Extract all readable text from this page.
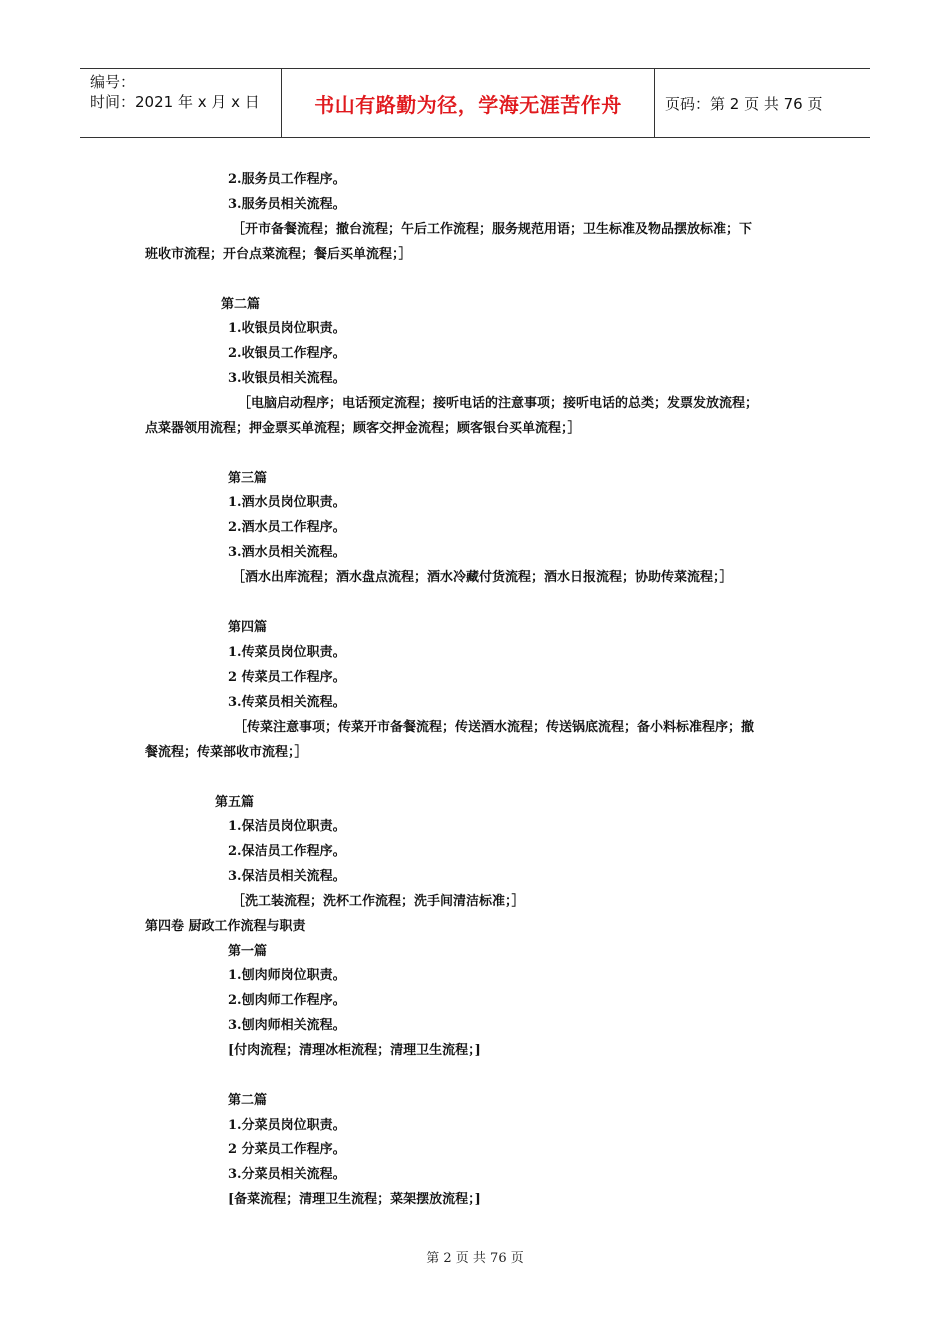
编号：
时间：2021 年 x 月 x 日	书山有路勤为径，学海无涯苦作舟	页码：第 2 页 共 76 页
2.服务员工作程序。
3.服务员相关流程。
［开市备餐流程；撤台流程；午后工作流程；服务规范用语；卫生标准及物品摆放标准；下
班收市流程；开台点菜流程；餐后买单流程；］
第二篇
1.收银员岗位职责。
2.收银员工作程序。
3.收银员相关流程。
［电脑启动程序；电话预定流程；接听电话的注意事项；接听电话的总类；发票发放流程；
点菜器领用流程；押金票买单流程；顾客交押金流程；顾客银台买单流程；］
第三篇
1.酒水员岗位职责。
2.酒水员工作程序。
3.酒水员相关流程。
［酒水出库流程；酒水盘点流程；酒水冷藏付货流程；酒水日报流程；协助传菜流程；］
第四篇
1.传菜员岗位职责。
2 传菜员工作程序。
3.传菜员相关流程。
［传菜注意事项；传菜开市备餐流程；传送酒水流程；传送锅底流程；备小料标准程序；撤
餐流程；传菜部收市流程；］
第五篇
1.保洁员岗位职责。
2.保洁员工作程序。
3.保洁员相关流程。
［洗工装流程；洗杯工作流程；洗手间清洁标准；］
第四卷 厨政工作流程与职责
第一篇
1.刨肉师岗位职责。
2.刨肉师工作程序。
3.刨肉师相关流程。
[付肉流程；清理冰柜流程；清理卫生流程；]
第二篇
1.分菜员岗位职责。
2 分菜员工作程序。
3.分菜员相关流程。
[备菜流程；清理卫生流程；菜架摆放流程；]
第 2 页 共 76 页
